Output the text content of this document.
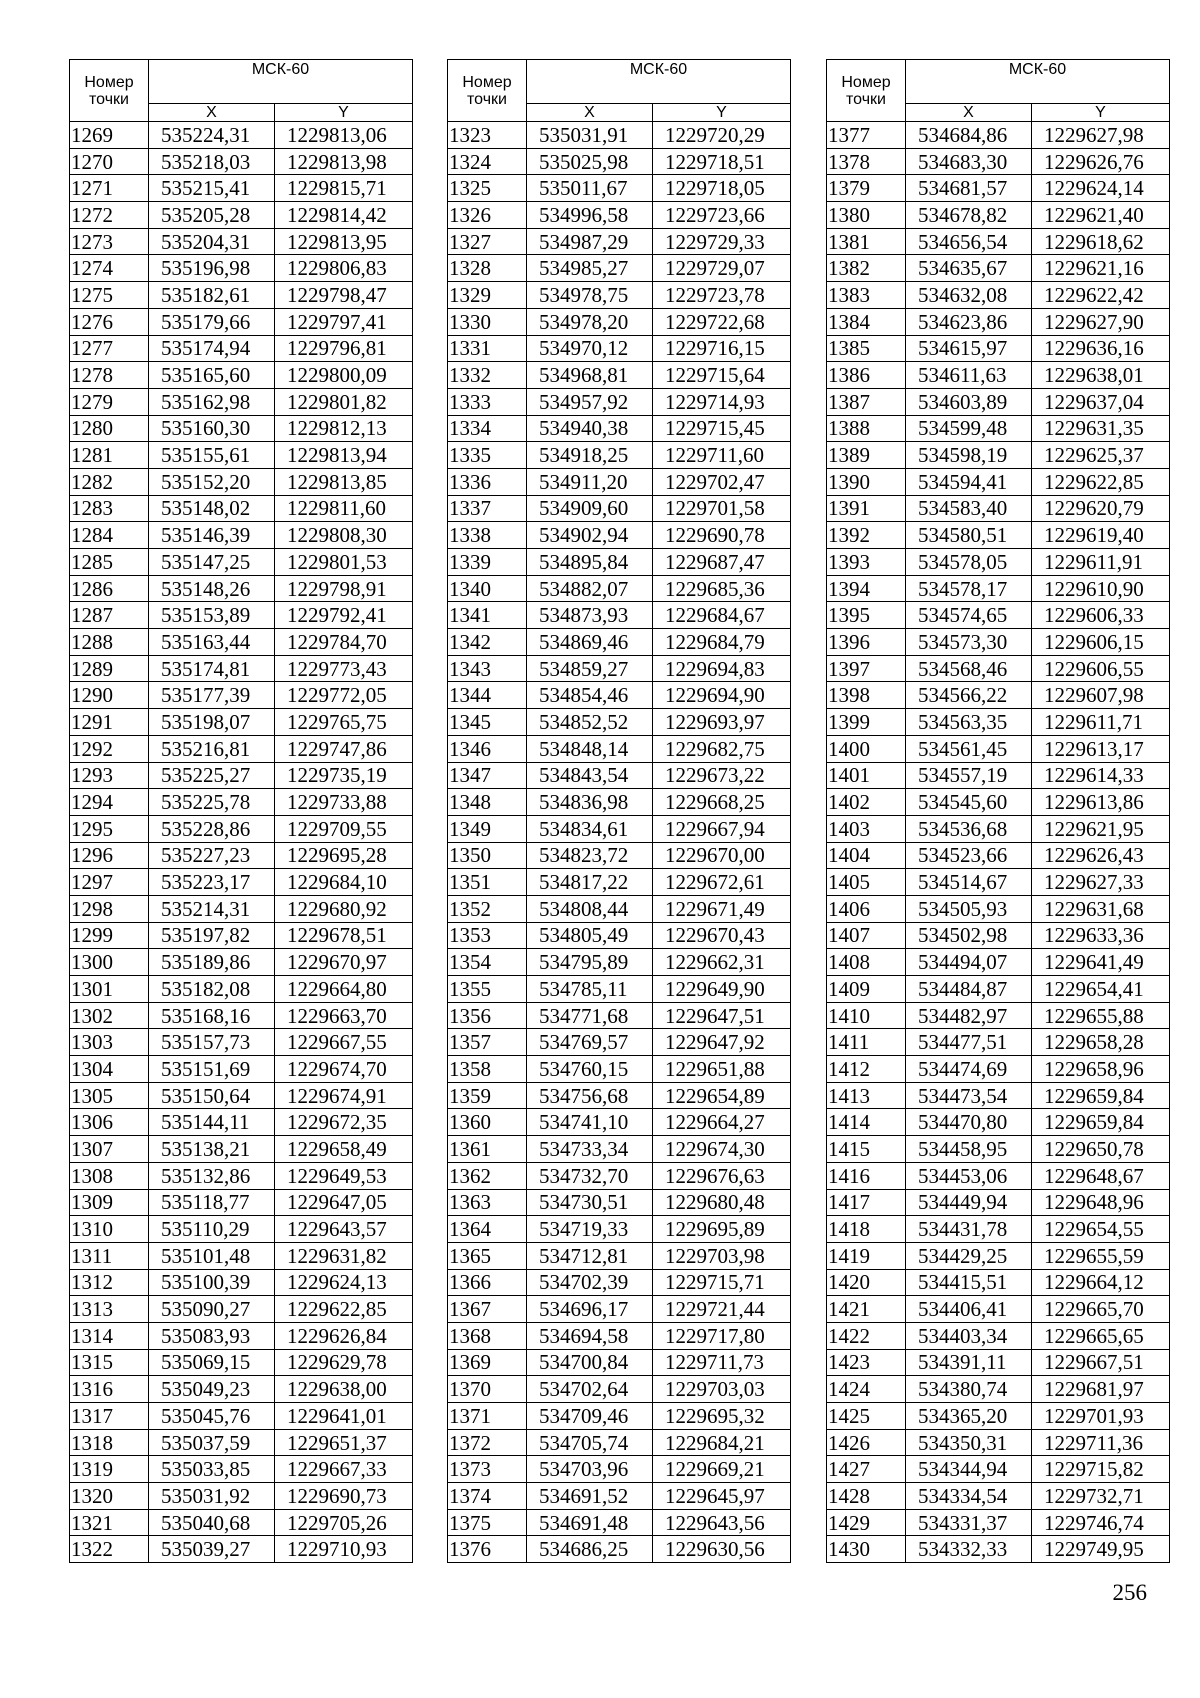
Номер точки	МСК-60	
	X	Y
1269	535224,31	1229813,06
1270	535218,03	1229813,98
1271	535215,41	1229815,71
1272	535205,28	1229814,42
1273	535204,31	1229813,95
1274	535196,98	1229806,83
1275	535182,61	1229798,47
1276	535179,66	1229797,41
1277	535174,94	1229796,81
1278	535165,60	1229800,09
1279	535162,98	1229801,82
1280	535160,30	1229812,13
1281	535155,61	1229813,94
1282	535152,20	1229813,85
1283	535148,02	1229811,60
1284	535146,39	1229808,30
1285	535147,25	1229801,53
1286	535148,26	1229798,91
1287	535153,89	1229792,41
1288	535163,44	1229784,70
1289	535174,81	1229773,43
1290	535177,39	1229772,05
1291	535198,07	1229765,75
1292	535216,81	1229747,86
1293	535225,27	1229735,19
1294	535225,78	1229733,88
1295	535228,86	1229709,55
1296	535227,23	1229695,28
1297	535223,17	1229684,10
1298	535214,31	1229680,92
1299	535197,82	1229678,51
1300	535189,86	1229670,97
1301	535182,08	1229664,80
1302	535168,16	1229663,70
1303	535157,73	1229667,55
1304	535151,69	1229674,70
1305	535150,64	1229674,91
1306	535144,11	1229672,35
1307	535138,21	1229658,49
1308	535132,86	1229649,53
1309	535118,77	1229647,05
1310	535110,29	1229643,57
1311	535101,48	1229631,82
1312	535100,39	1229624,13
1313	535090,27	1229622,85
1314	535083,93	1229626,84
1315	535069,15	1229629,78
1316	535049,23	1229638,00
1317	535045,76	1229641,01
1318	535037,59	1229651,37
1319	535033,85	1229667,33
1320	535031,92	1229690,73
1321	535040,68	1229705,26
1322	535039,27	1229710,93
Номер точки	МСК-60	
	X	Y
1323	535031,91	1229720,29
1324	535025,98	1229718,51
1325	535011,67	1229718,05
1326	534996,58	1229723,66
1327	534987,29	1229729,33
1328	534985,27	1229729,07
1329	534978,75	1229723,78
1330	534978,20	1229722,68
1331	534970,12	1229716,15
1332	534968,81	1229715,64
1333	534957,92	1229714,93
1334	534940,38	1229715,45
1335	534918,25	1229711,60
1336	534911,20	1229702,47
1337	534909,60	1229701,58
1338	534902,94	1229690,78
1339	534895,84	1229687,47
1340	534882,07	1229685,36
1341	534873,93	1229684,67
1342	534869,46	1229684,79
1343	534859,27	1229694,83
1344	534854,46	1229694,90
1345	534852,52	1229693,97
1346	534848,14	1229682,75
1347	534843,54	1229673,22
1348	534836,98	1229668,25
1349	534834,61	1229667,94
1350	534823,72	1229670,00
1351	534817,22	1229672,61
1352	534808,44	1229671,49
1353	534805,49	1229670,43
1354	534795,89	1229662,31
1355	534785,11	1229649,90
1356	534771,68	1229647,51
1357	534769,57	1229647,92
1358	534760,15	1229651,88
1359	534756,68	1229654,89
1360	534741,10	1229664,27
1361	534733,34	1229674,30
1362	534732,70	1229676,63
1363	534730,51	1229680,48
1364	534719,33	1229695,89
1365	534712,81	1229703,98
1366	534702,39	1229715,71
1367	534696,17	1229721,44
1368	534694,58	1229717,80
1369	534700,84	1229711,73
1370	534702,64	1229703,03
1371	534709,46	1229695,32
1372	534705,74	1229684,21
1373	534703,96	1229669,21
1374	534691,52	1229645,97
1375	534691,48	1229643,56
1376	534686,25	1229630,56
Номер точки	МСК-60	
	X	Y
1377	534684,86	1229627,98
1378	534683,30	1229626,76
1379	534681,57	1229624,14
1380	534678,82	1229621,40
1381	534656,54	1229618,62
1382	534635,67	1229621,16
1383	534632,08	1229622,42
1384	534623,86	1229627,90
1385	534615,97	1229636,16
1386	534611,63	1229638,01
1387	534603,89	1229637,04
1388	534599,48	1229631,35
1389	534598,19	1229625,37
1390	534594,41	1229622,85
1391	534583,40	1229620,79
1392	534580,51	1229619,40
1393	534578,05	1229611,91
1394	534578,17	1229610,90
1395	534574,65	1229606,33
1396	534573,30	1229606,15
1397	534568,46	1229606,55
1398	534566,22	1229607,98
1399	534563,35	1229611,71
1400	534561,45	1229613,17
1401	534557,19	1229614,33
1402	534545,60	1229613,86
1403	534536,68	1229621,95
1404	534523,66	1229626,43
1405	534514,67	1229627,33
1406	534505,93	1229631,68
1407	534502,98	1229633,36
1408	534494,07	1229641,49
1409	534484,87	1229654,41
1410	534482,97	1229655,88
1411	534477,51	1229658,28
1412	534474,69	1229658,96
1413	534473,54	1229659,84
1414	534470,80	1229659,84
1415	534458,95	1229650,78
1416	534453,06	1229648,67
1417	534449,94	1229648,96
1418	534431,78	1229654,55
1419	534429,25	1229655,59
1420	534415,51	1229664,12
1421	534406,41	1229665,70
1422	534403,34	1229665,65
1423	534391,11	1229667,51
1424	534380,74	1229681,97
1425	534365,20	1229701,93
1426	534350,31	1229711,36
1427	534344,94	1229715,82
1428	534334,54	1229732,71
1429	534331,37	1229746,74
1430	534332,33	1229749,95
256
